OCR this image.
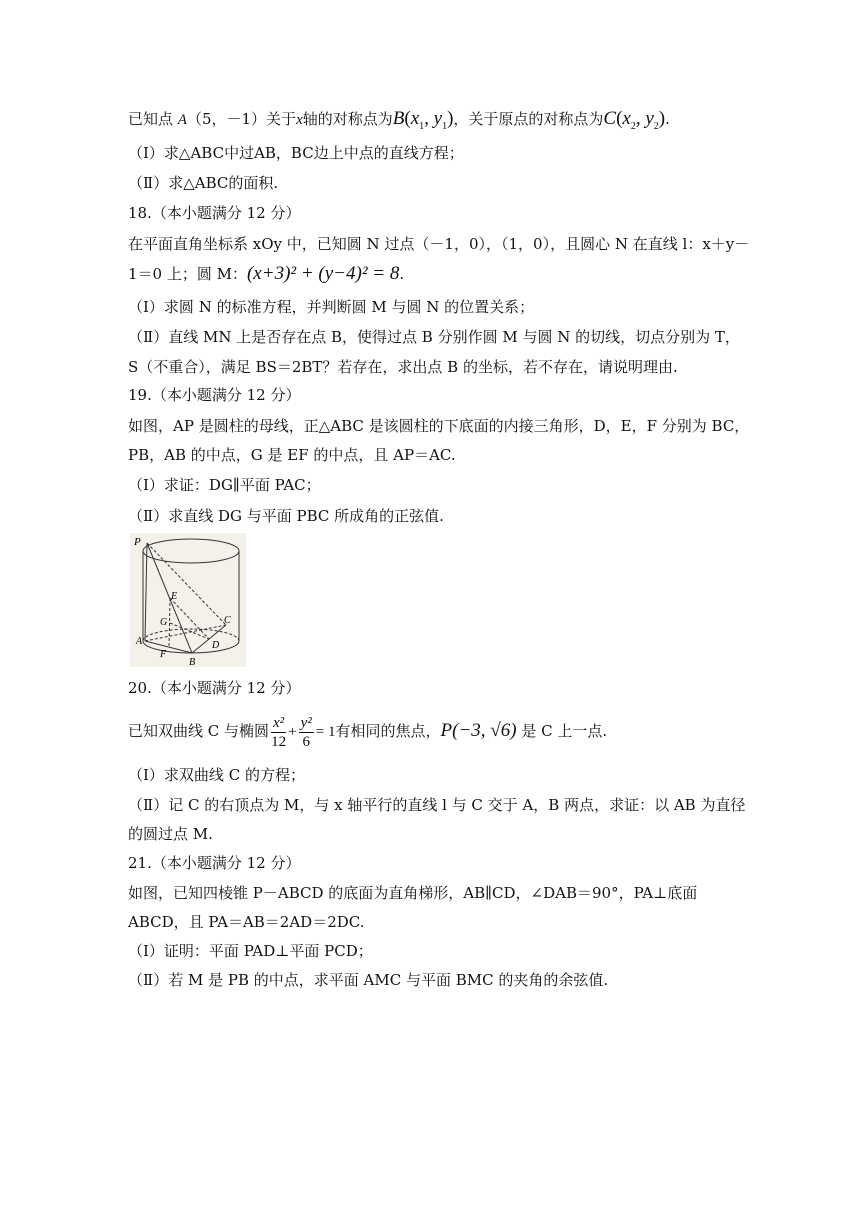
已知点 A（5，－1）关于x轴的对称点为$B(x_1$, $y_1$)，关于原点的对称点为$C(x_2$, $y_2$).
（Ⅰ）求△ABC中过AB，BC边上中点的直线方程；
（Ⅱ）求△ABC的面积.
18.（本小题满分 12 分）
在平面直角坐标系 xOy 中，已知圆 N 过点（－1，0），（1，0），且圆心 N 在直线 l：x＋y－
1＝0 上；圆 M：(x+3)² + (y−4)² = 8.
（Ⅰ）求圆 N 的标准方程，并判断圆 M 与圆 N 的位置关系；
（Ⅱ）直线 MN 上是否存在点 B，使得过点 B 分别作圆 M 与圆 N 的切线，切点分别为 T，
S（不重合），满足 BS＝2BT？若存在，求出点 B 的坐标，若不存在，请说明理由.
19.（本小题满分 12 分）
如图，AP 是圆柱的母线，正△ABC 是该圆柱的下底面的内接三角形，D，E，F 分别为 BC，
PB，AB 的中点，G 是 EF 的中点，且 AP＝AC.
（Ⅰ）求证：DG∥平面 PAC；
（Ⅱ）求直线 DG 与平面 PBC 所成角的正弦值.
P
E
G	C
A
F
D
B
20.（本小题满分 12 分）
已知双曲线 C 与椭圆 $\frac{\text{x²}}{12} + \frac{\text{y²}}{6} = 1$有相同的焦点，P(−3, √6) 是 C 上一点.
（Ⅰ）求双曲线 C 的方程；
（Ⅱ）记 C 的右顶点为 M，与 x 轴平行的直线 l 与 C 交于 A，B 两点，求证：以 AB 为直径
的圆过点 M.
21.（本小题满分 12 分）
如图，已知四棱锥 P－ABCD 的底面为直角梯形，AB∥CD，∠DAB＝90°，PA⊥底面
ABCD，且 PA＝AB＝2AD＝2DC.
（Ⅰ）证明：平面 PAD⊥平面 PCD；
（Ⅱ）若 M 是 PB 的中点，求平面 AMC 与平面 BMC 的夹角的余弦值.
